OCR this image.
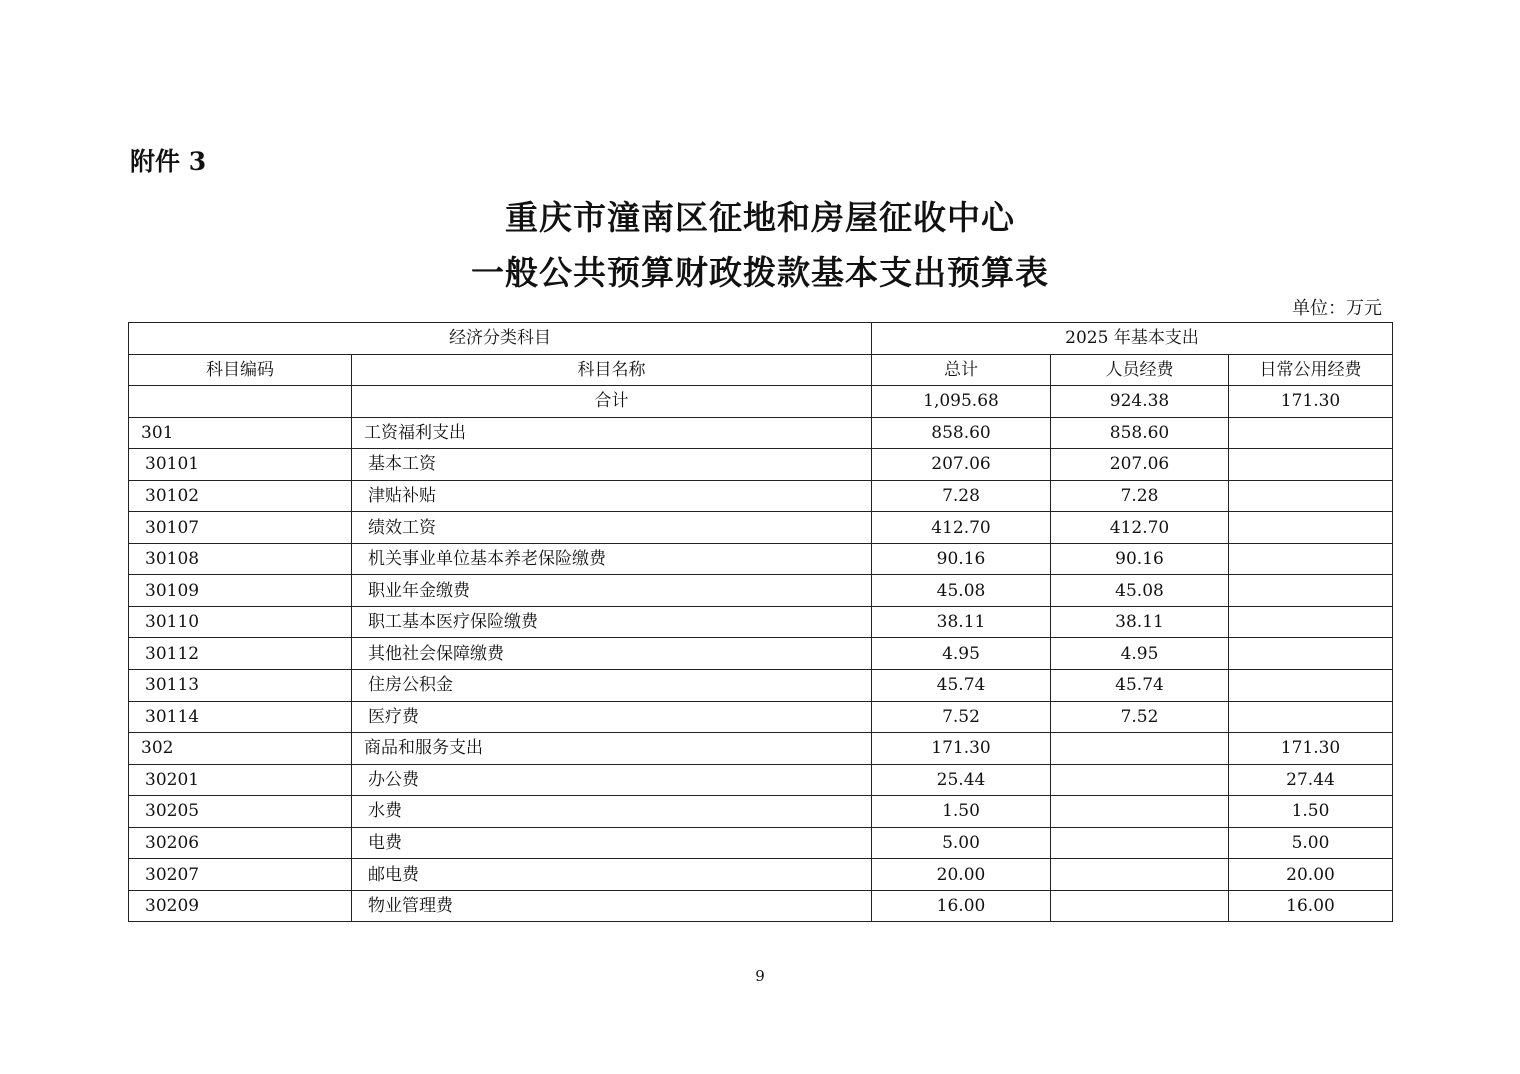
附件 3
重庆市潼南区征地和房屋征收中心
一般公共预算财政拨款基本支出预算表
单位：万元
经济分类科目		2025 年基本支出		
科目编码	科目名称	总计	人员经费	日常公用经费
	合计	1,095.68	924.38	171.30
301	工资福利支出	858.60	858.60	
30101	基本工资	207.06	207.06	
30102	津贴补贴	7.28	7.28	
30107	绩效工资	412.70	412.70	
30108	机关事业单位基本养老保险缴费	90.16	90.16	
30109	职业年金缴费	45.08	45.08	
30110	职工基本医疗保险缴费	38.11	38.11	
30112	其他社会保障缴费	4.95	4.95	
30113	住房公积金	45.74	45.74	
30114	医疗费	7.52	7.52	
302	商品和服务支出	171.30		171.30
30201	办公费	25.44		27.44
30205	水费	1.50		1.50
30206	电费	5.00		5.00
30207	邮电费	20.00		20.00
30209	物业管理费	16.00		16.00
9
